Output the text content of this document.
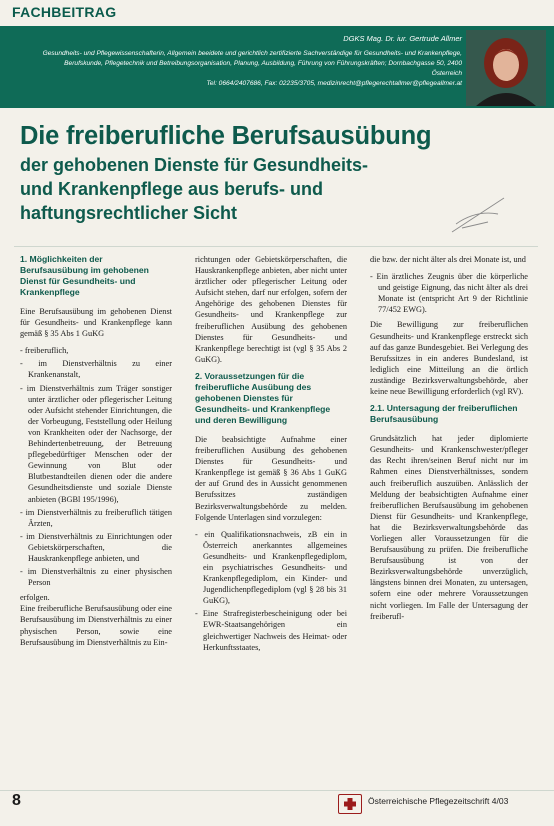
FACHBEITRAG
DGKS Mag. Dr. iur. Gertrude Allmer
Gesundheits- und Pflegewissenschafterin, Allgemein beeidete und gerichtlich zertifizierte Sachverständige für Gesundheits- und Krankenpflege, Berufskunde, Pflegetechnik und Betreibungsorganisation, Planung, Ausbildung, Führung von Führungskräften; Dornbachgasse 50, 2400 Österreich
Tel: 0664/2407686, Fax: 02235/3705, medizinrecht@pflegerechtallmer@pflegeallmer.at
Die freiberufliche Berufsausübung
der gehobenen Dienste für Gesundheits-
und Krankenpflege aus berufs- und
haftungsrechtlicher Sicht
1. Möglichkeiten der Berufsausübung im gehobenen Dienst für Gesundheits- und Krankenpflege

Eine Berufsausübung im gehobenen Dienst für Gesundheits- und Krankenpflege kann gemäß § 35 Abs 1 GuKG

- freiberuflich,
- im Dienstverhältnis zu einer Krankenanstalt,
- im Dienstverhältnis zum Träger sonstiger unter ärztlicher oder pflegerischer Leitung oder Aufsicht stehender Einrichtungen, die der Vorbeugung, Feststellung oder Heilung von Krankheiten oder der Nachsorge, der Behindertenbetreuung, der Betreuung pflegebedürftiger Menschen oder der Gewinnung von Blut oder Blutbestandteilen dienen oder die andere Gesundheitsdienste und soziale Dienste anbieten (BGBl 195/1996),
- im Dienstverhältnis zu freiberuflich tätigen Ärzten,
- im Dienstverhältnis zu Einrichtungen oder Gebietskörperschaften, die Hauskrankenpflege anbieten, und
- im Dienstverhältnis zu einer physischen Person

erfolgen.

Eine freiberufliche Berufsausübung oder eine Berufsausübung im Dienstverhältnis zu einer physischen Person, sowie eine Berufsausübung im Dienstverhältnis zu Ein-

richtungen oder Gebietskörperschaften, die Hauskrankenpflege anbieten, aber nicht unter ärztlicher oder pflegerischer Leitung oder Aufsicht stehen, darf nur erfolgen, sofern der Angehörige des gehobenen Dienstes für Gesundheits- und Krankenpflege zur freiberuflichen Ausübung des gehobenen Dienstes für Gesundheits- und Krankenpflege berechtigt ist (vgl § 35 Abs 2 GuKG).

2. Voraussetzungen für die freiberufliche Ausübung des gehobenen Dienstes für Gesundheits- und Krankenpflege und deren Bewilligung

Die beabsichtigte Aufnahme einer freiberuflichen Ausübung des gehobenen Dienstes für Gesundheits- und Krankenpflege ist gemäß § 36 Abs 1 GuKG der auf Grund des in Aussicht genommenen Berufssitzes zuständigen Bezirksverwaltungsbehörde zu melden. Folgende Unterlagen sind vorzulegen:

- ein Qualifikationsnachweis, zB ein in Österreich anerkanntes allgemeines Gesundheits- und Krankenpflegediplom, ein psychiatrisches Gesundheits- und Krankenpflegediplom, ein Kinder- und Jugendlichenpflegediplom (vgl § 28 bis 31 GuKG),
- Eine Strafregisterbescheinigung oder bei EWR-Staatsangehörigen ein gleichwertiger Nachweis des Heimat- oder Herkunftsstaates,

die bzw. der nicht älter als drei Monate ist, und

- Ein ärztliches Zeugnis über die körperliche und geistige Eignung, das nicht älter als drei Monate ist (entspricht Art 9 der Richtlinie 77/452 EWG).

Die Bewilligung zur freiberuflichen Gesundheits- und Krankenpflege erstreckt sich auf das ganze Bundesgebiet. Bei Verlegung des Berufssitzes in ein anderes Bundesland, ist lediglich eine Mitteilung an die örtlich zuständige Bezirksverwaltungsbehörde, aber keine neue Bewilligung erforderlich (vgl RV).

2.1. Untersagung der freiberuflichen Berufsausübung

Grundsätzlich hat jeder diplomierte Gesundheits- und Krankenschwester/pfleger das Recht ihren/seinen Beruf nicht nur im Rahmen eines Dienstverhältnisses, sondern auch freiberuflich auszuüben. Anlässlich der Meldung der beabsichtigten Aufnahme einer freiberuflichen Berufsausübung im gehobenen Dienst für Gesundheits- und Krankenpflege, hat die Bezirksverwaltungsbehörde das Vorliegen aller Voraussetzungen für die Berufsausübung zu prüfen. Die freiberufliche Berufsausübung ist von der Bezirksverwaltungsbehörde unverzüglich, längstens binnen drei Monaten, zu untersagen, sofern eine oder mehrere Voraussetzungen nicht vorliegen. Im Falle der Untersagung der freiberufl-

8	Österreichische Pflegezeitschrift 4/03
